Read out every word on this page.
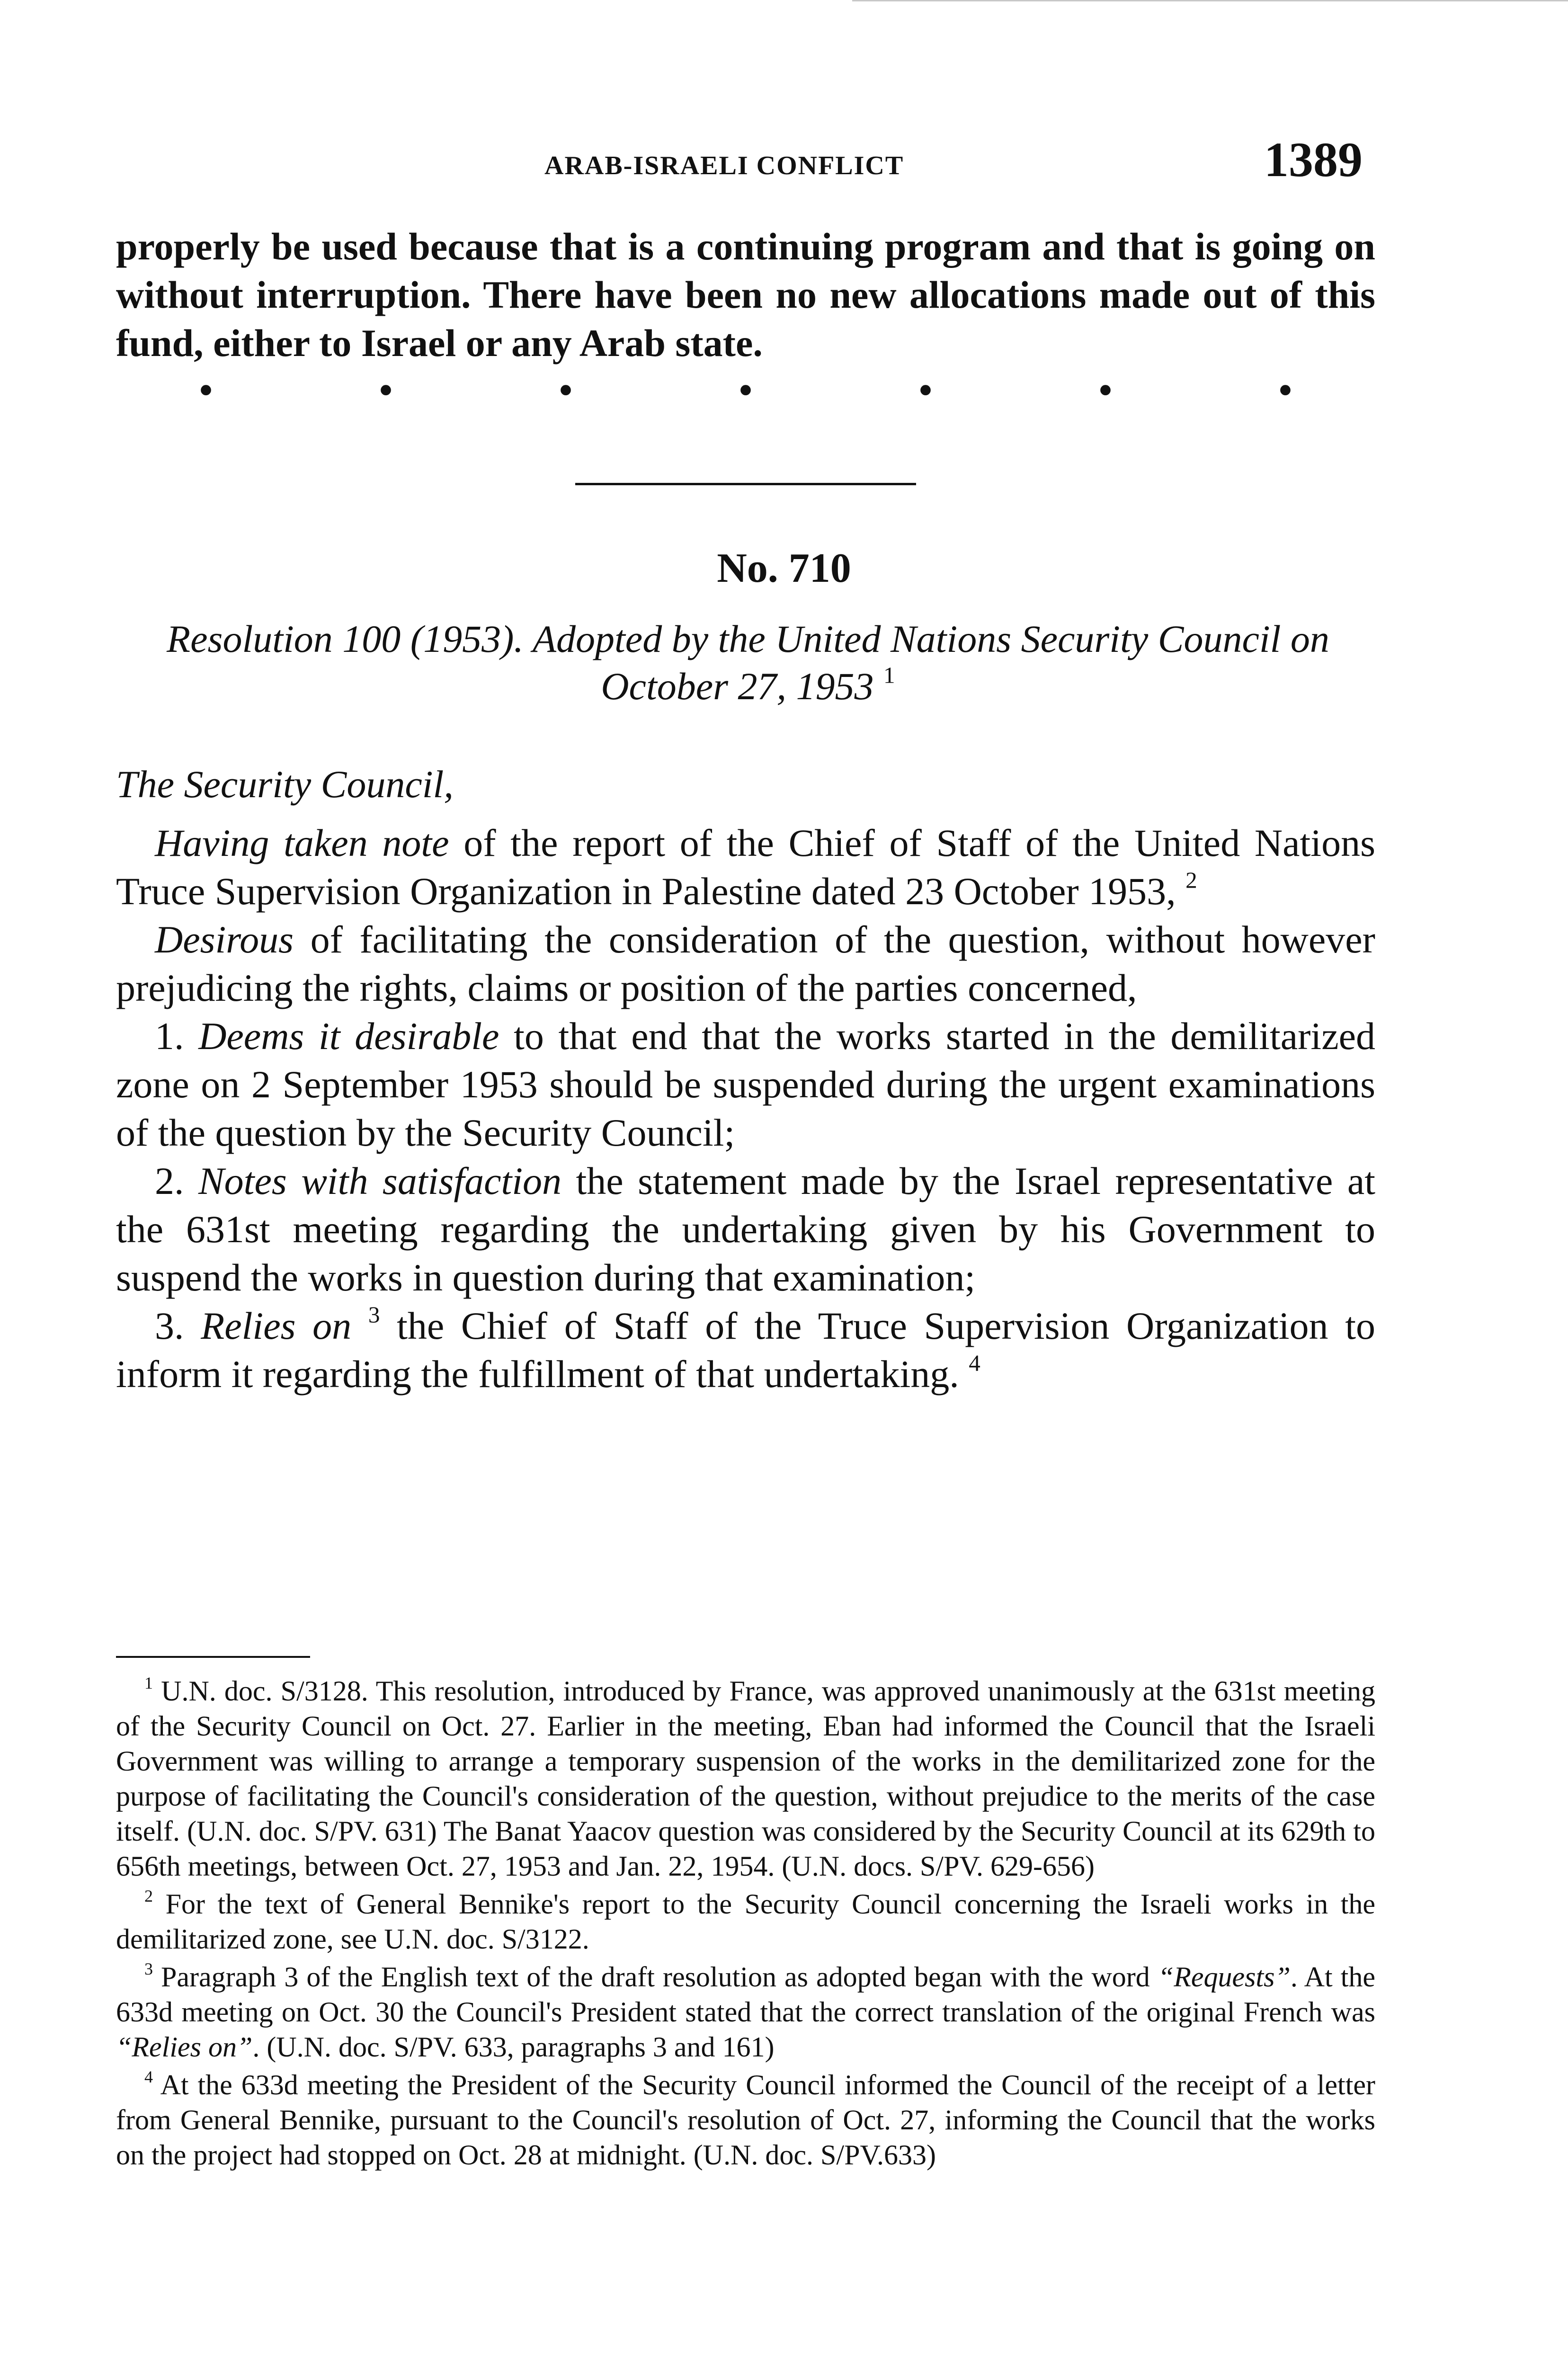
ARAB-ISRAELI CONFLICT	1389

properly be used because that is a continuing program and that is going on without interruption. There have been no new allocations made out of this fund, either to Israel or any Arab state.

•	•	•	•	•	•	•
No. 710
Resolution 100 (1953). Adopted by the United Nations Security Council on October 27, 1953 $^1$
The Security Council,

Having taken note of the report of the Chief of Staff of the United Nations Truce Supervision Organization in Palestine dated 23 October 1953, $^2$

Desirous of facilitating the consideration of the question, without however prejudicing the rights, claims or position of the parties concerned,

1. Deems it desirable to that end that the works started in the demilitarized zone on 2 September 1953 should be suspended during the urgent examinations of the question by the Security Council;

2. Notes with satisfaction the statement made by the Israel representative at the 631st meeting regarding the undertaking given by his Government to suspend the works in question during that examination;

3. Relies on $^3$ the Chief of Staff of the Truce Supervision Organization to inform it regarding the fulfillment of that undertaking. $^4$

$^1$ U.N. doc. S/3128. This resolution, introduced by France, was approved unanimously at the 631st meeting of the Security Council on Oct. 27. Earlier in the meeting, Eban had informed the Council that the Israeli Government was willing to arrange a temporary suspension of the works in the demilitarized zone for the purpose of facilitating the Council's consideration of the question, without prejudice to the merits of the case itself. (U.N. doc. S/PV. 631) The Banat Yaacov question was considered by the Security Council at its 629th to 656th meetings, between Oct. 27, 1953 and Jan. 22, 1954. (U.N. docs. S/PV. 629-656)

$^2$ For the text of General Bennike's report to the Security Council concerning the Israeli works in the demilitarized zone, see U.N. doc. S/3122.

$^3$ Paragraph 3 of the English text of the draft resolution as adopted began with the word “Requests”. At the 633d meeting on Oct. 30 the Council's President stated that the correct translation of the original French was “Relies on”. (U.N. doc. S/PV. 633, paragraphs 3 and 161)

$^4$ At the 633d meeting the President of the Security Council informed the Council of the receipt of a letter from General Bennike, pursuant to the Council's resolution of Oct. 27, informing the Council that the works on the project had stopped on Oct. 28 at midnight. (U.N. doc. S/PV.633)
